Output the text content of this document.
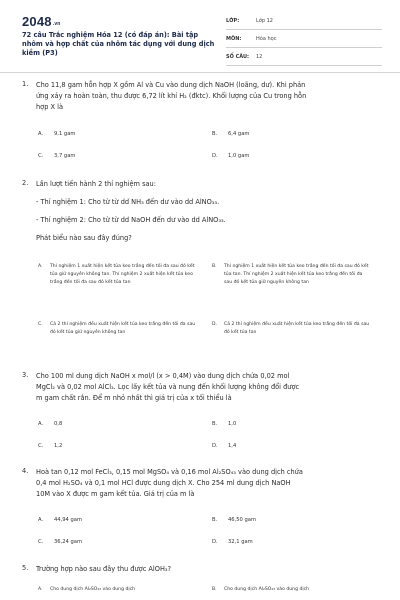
2048.vn
72 câu Trắc nghiệm Hóa 12 (có đáp án): Bài tập nhôm và hợp chất của nhôm tác dụng với dung dịch kiềm (P3)
LỚP:	Lớp 12
MÔN:	Hóa học
SỐ CÂU:	12
1. Cho 11,8 gam hỗn hợp X gồm Al và Cu vào dung dịch NaOH (loãng, dư). Khi phản
ứng xảy ra hoàn toàn, thu được 6,72 lít khí H₂ (đktc). Khối lượng của Cu trong hỗn
hợp X là
A.	9,1 gam	B.	6,4 gam
C.	3,7 gam	D.	1,0 gam
2. Lần lượt tiến hành 2 thí nghiệm sau:
- Thí nghiệm 1: Cho từ từ dd NH₃ đến dư vào dd AlNO₃₃.
- Thí nghiệm 2: Cho từ từ dd NaOH đến dư vào dd AlNO₃₃.
Phát biểu nào sau đây đúng?
A.	Thí nghiệm 1 xuất hiện kết tủa keo trắng đến tối đa sau đó kết tủa giữ nguyên không tan. Thí nghiệm 2 xuất hiện kết tủa keo trắng đến tối đa sau đó kết tủa tan
B.	Thí nghiệm 1 xuất hiện kết tủa keo trắng đến tối đa sau đó kết tủa tan. Thí nghiệm 2 xuất hiện kết tủa keo trắng đến tối đa sau đó kết tủa giữ nguyên không tan
C.	Cả 2 thí nghiệm đều xuất hiện kết tủa keo trắng đến tối đa sau đó kết tủa giữ nguyên không tan
D.	Cả 2 thí nghiệm đều xuất hiện kết tủa keo trắng đến tối đa sau đó kết tủa tan
3. Cho 100 ml dung dịch NaOH x mol/l (x > 0,4M) vào dung dịch chứa 0,02 mol
MgCl₂ và 0,02 mol AlCl₃. Lọc lấy kết tủa và nung đến khối lượng không đổi được
m gam chất rắn. Để m nhỏ nhất thì giá trị của x tối thiểu là
A.	0,8	B.	1,0
C.	1,2	D.	1,4
4. Hoà tan 0,12 mol FeCl₃, 0,15 mol MgSO₄ và 0,16 mol Al₂SO₄₃ vào dung dịch chứa
0,4 mol H₂SO₄ và 0,1 mol HCl được dung dịch X. Cho 254 ml dung dịch NaOH
10M vào X được m gam kết tủa. Giá trị của m là
A.	44,94 gam	B.	46,50 gam
C.	36,24 gam	D.	32,1 gam
5. Trường hợp nào sau đây thu được AlOH₃?
A.	Cho dung dịch Al₂SO₄₃ vào dung dịch	B.	Cho dung dịch Al₂SO₄₃ vào dung dịch
